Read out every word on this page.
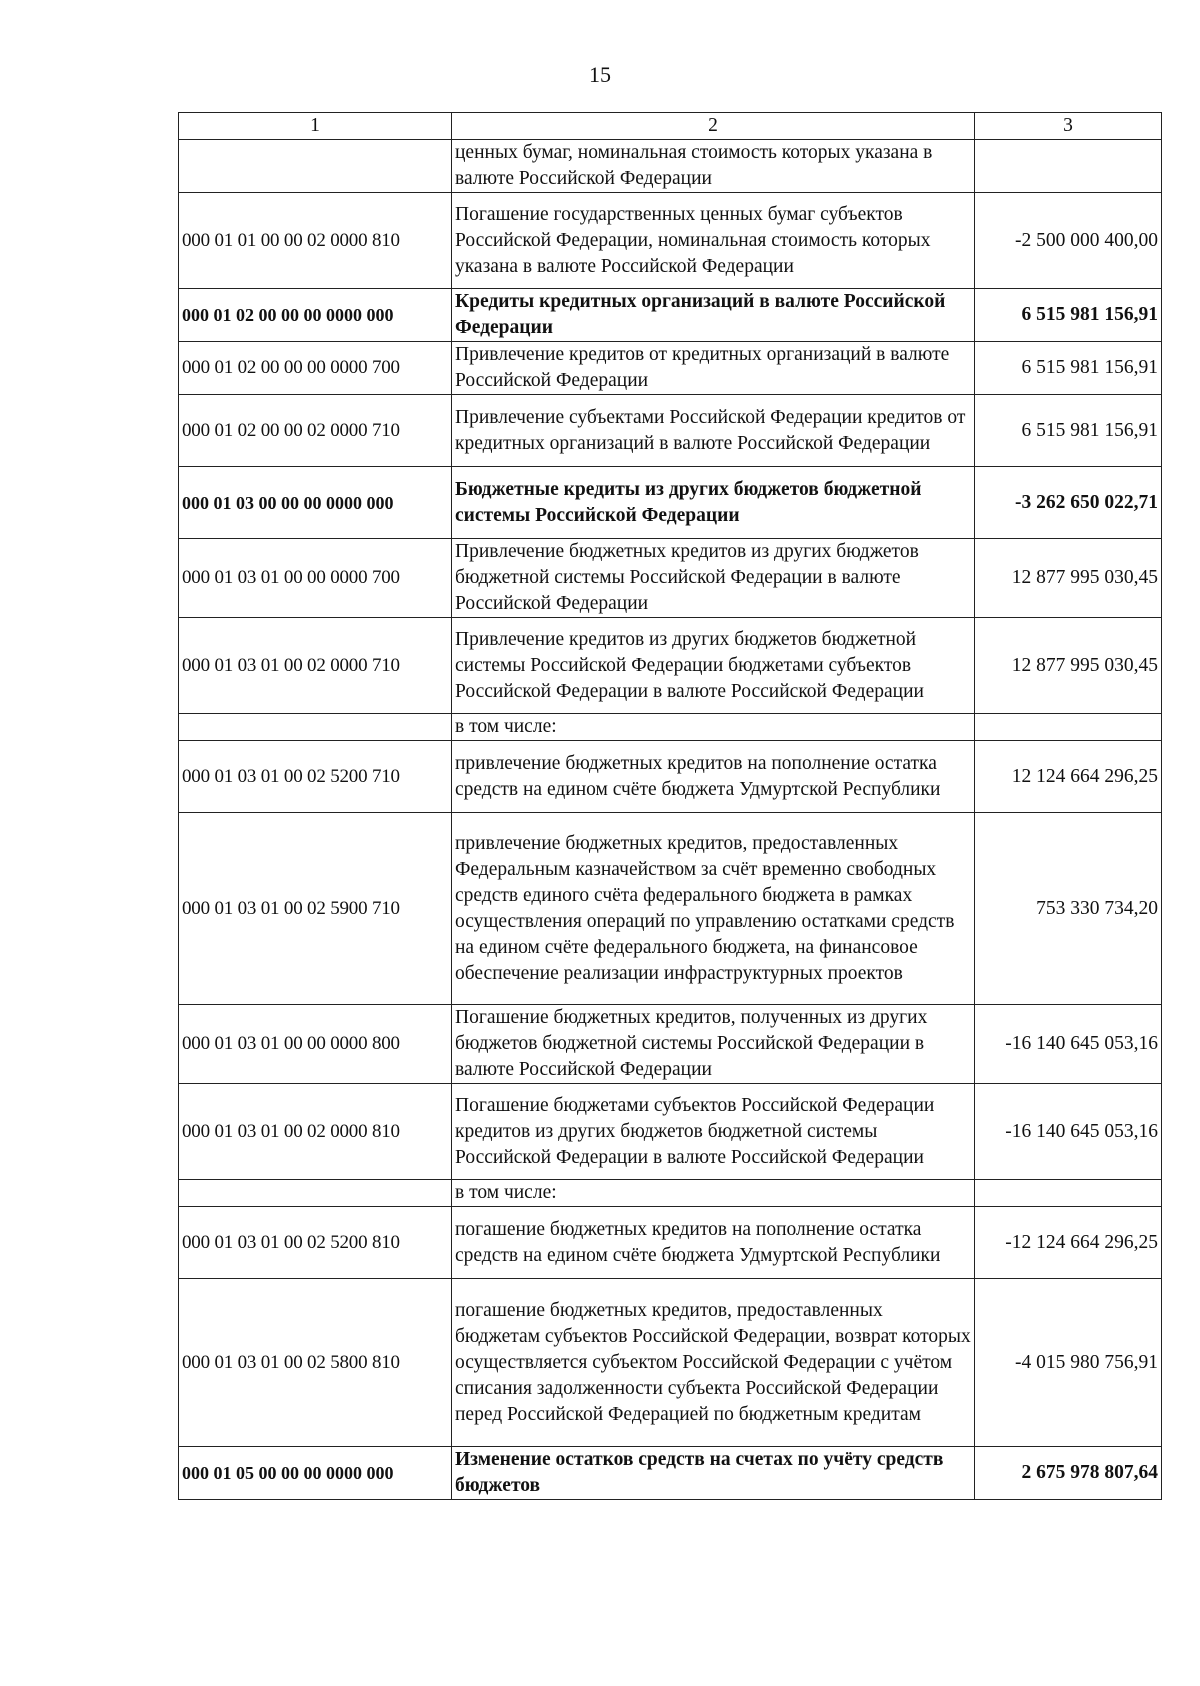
15
1	2	3
	ценных бумаг, номинальная стоимость которых указана в валюте Российской Федерации	
000 01 01 00 00 02 0000 810	Погашение государственных ценных бумаг субъектов Российской Федерации, номинальная стоимость которых указана в валюте Российской Федерации	-2 500 000 400,00
000 01 02 00 00 00 0000 000	Кредиты кредитных организаций в валюте Российской Федерации	6 515 981 156,91
000 01 02 00 00 00 0000 700	Привлечение кредитов от кредитных организаций в валюте Российской Федерации	6 515 981 156,91
000 01 02 00 00 02 0000 710	Привлечение субъектами Российской Федерации кредитов от кредитных организаций в валюте Российской Федерации	6 515 981 156,91
000 01 03 00 00 00 0000 000	Бюджетные кредиты из других бюджетов бюджетной системы Российской Федерации	-3 262 650 022,71
000 01 03 01 00 00 0000 700	Привлечение бюджетных кредитов из других бюджетов бюджетной системы Российской Федерации в валюте Российской Федерации	12 877 995 030,45
000 01 03 01 00 02 0000 710	Привлечение кредитов из других бюджетов бюджетной системы Российской Федерации бюджетами субъектов Российской Федерации в валюте Российской Федерации	12 877 995 030,45
	в том числе:	
000 01 03 01 00 02 5200 710	привлечение бюджетных кредитов на пополнение остатка средств на едином счёте бюджета Удмуртской Республики	12 124 664 296,25
000 01 03 01 00 02 5900 710	привлечение бюджетных кредитов, предоставленных Федеральным казначейством за счёт временно свободных средств единого счёта федерального бюджета в рамках осуществления операций по управлению остатками средств на едином счёте федерального бюджета, на финансовое обеспечение реализации инфраструктурных проектов	753 330 734,20
000 01 03 01 00 00 0000 800	Погашение бюджетных кредитов, полученных из других бюджетов бюджетной системы Российской Федерации в валюте Российской Федерации	-16 140 645 053,16
000 01 03 01 00 02 0000 810	Погашение бюджетами субъектов Российской Федерации кредитов из других бюджетов бюджетной системы Российской Федерации в валюте Российской Федерации	-16 140 645 053,16
	в том числе:	
000 01 03 01 00 02 5200 810	погашение бюджетных кредитов на пополнение остатка средств на едином счёте бюджета Удмуртской Республики	-12 124 664 296,25
000 01 03 01 00 02 5800 810	погашение бюджетных кредитов, предоставленных бюджетам субъектов Российской Федерации, возврат которых осуществляется субъектом Российской Федерации с учётом списания задолженности субъекта Российской Федерации перед Российской Федерацией по бюджетным кредитам	-4 015 980 756,91
000 01 05 00 00 00 0000 000	Изменение остатков средств на счетах по учёту средств бюджетов	2 675 978 807,64
